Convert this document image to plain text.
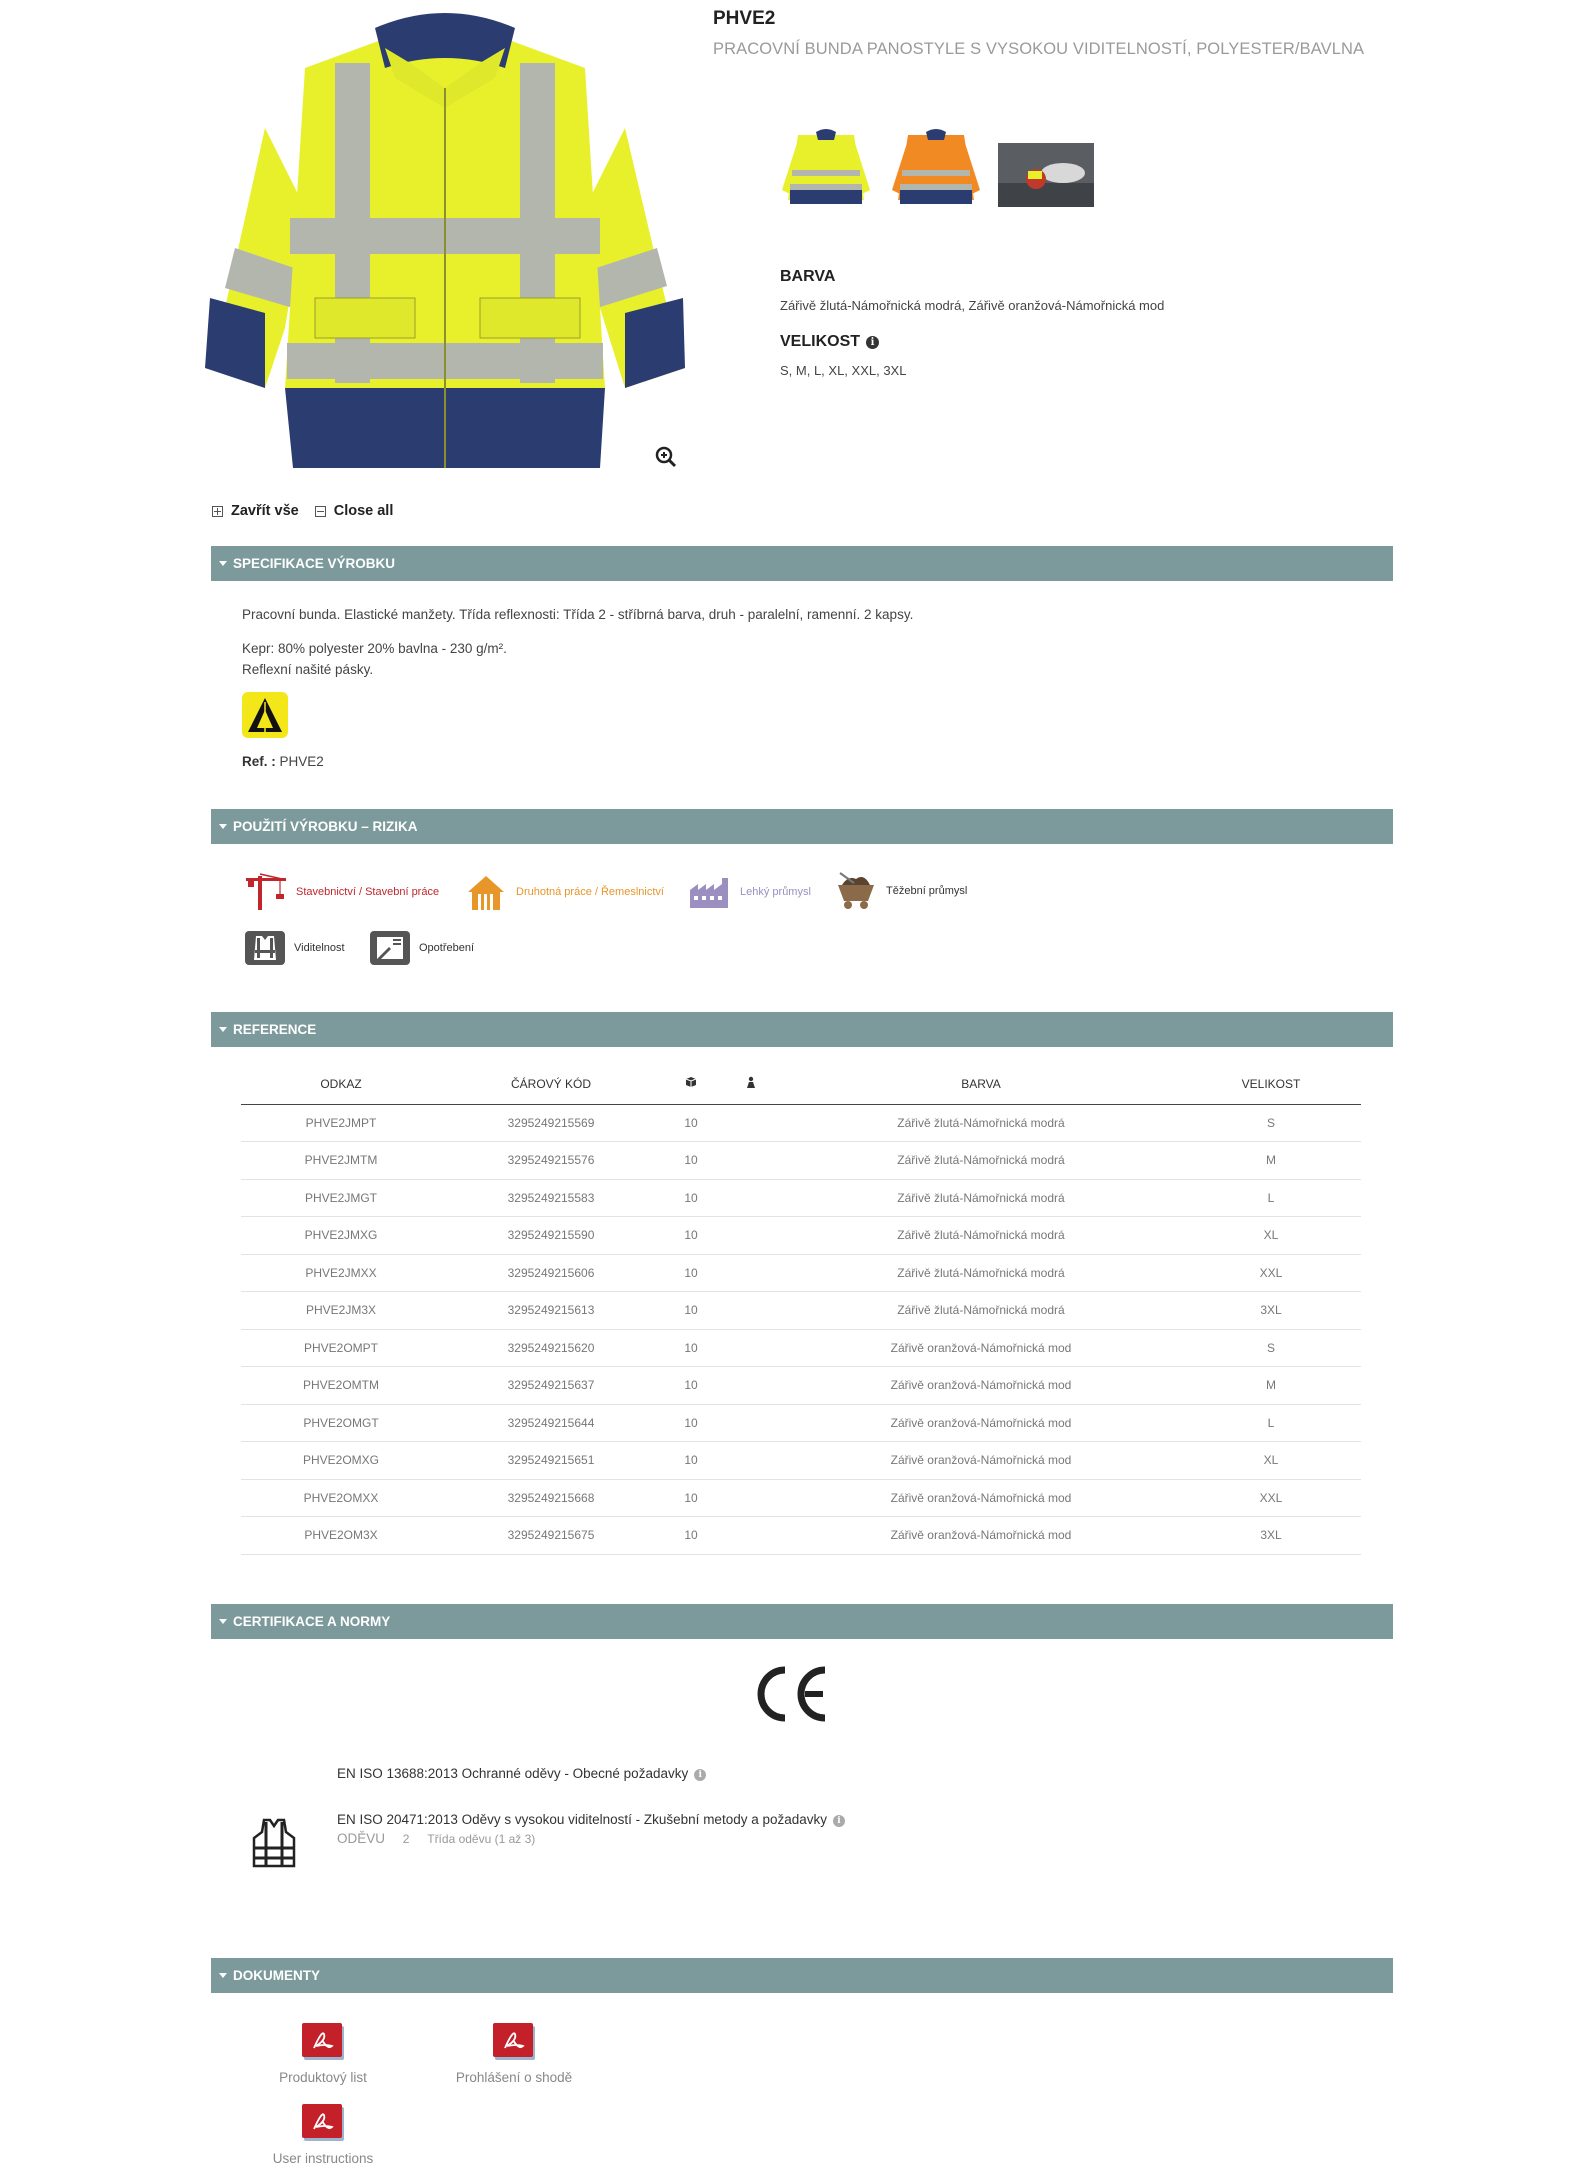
PHVE2
PRACOVNÍ BUNDA PANOSTYLE S VYSOKOU VIDITELNOSTÍ, POLYESTER/BAVLNA
BARVA
Zářivě žlutá-Námořnická modrá, Zářivě oranžová-Námořnická mod
VELIKOST	i
S, M, L, XL, XXL, 3XL
Zavřít vše Close all
SPECIFIKACE VÝROBKU

Pracovní bunda. Elastické manžety. Třída reflexnosti: Třída 2 - stříbrná barva, druh - paralelní, ramenní. 2 kapsy.

Kepr: 80% polyester 20% bavlna - 230 g/m².

Reflexní našité pásky.

Ref. : PHVE2
POUŽITÍ VÝROBKU – RIZIKA
Stavebnictví / Stavební práce	Druhotná práce / Řemeslnictví	Lehký průmysl	Těžební průmysl
Viditelnost	Opotřebení
REFERENCE
ODKAZ	ČÁROVÝ KÓD			BARVA	VELIKOST
PHVE2JMPT	3295249215569	10		Zářivě žlutá-Námořnická modrá	S
PHVE2JMTM	3295249215576	10		Zářivě žlutá-Námořnická modrá	M
PHVE2JMGT	3295249215583	10		Zářivě žlutá-Námořnická modrá	L
PHVE2JMXG	3295249215590	10		Zářivě žlutá-Námořnická modrá	XL
PHVE2JMXX	3295249215606	10		Zářivě žlutá-Námořnická modrá	XXL
PHVE2JM3X	3295249215613	10		Zářivě žlutá-Námořnická modrá	3XL
PHVE2OMPT	3295249215620	10		Zářivě oranžová-Námořnická mod	S
PHVE2OMTM	3295249215637	10		Zářivě oranžová-Námořnická mod	M
PHVE2OMGT	3295249215644	10		Zářivě oranžová-Námořnická mod	L
PHVE2OMXG	3295249215651	10		Zářivě oranžová-Námořnická mod	XL
PHVE2OMXX	3295249215668	10		Zářivě oranžová-Námořnická mod	XXL
PHVE2OM3X	3295249215675	10		Zářivě oranžová-Námořnická mod	3XL
CERTIFIKACE A NORMY
EN ISO 13688:2013 Ochranné oděvy - Obecné požadavky i
EN ISO 20471:2013 Oděvy s vysokou viditelností - Zkušební metody a požadavky i
ODĚVU 2 Třída oděvu (1 až 3)
DOKUMENTY
Produktový list	Prohlášení o shodě
User instructions
